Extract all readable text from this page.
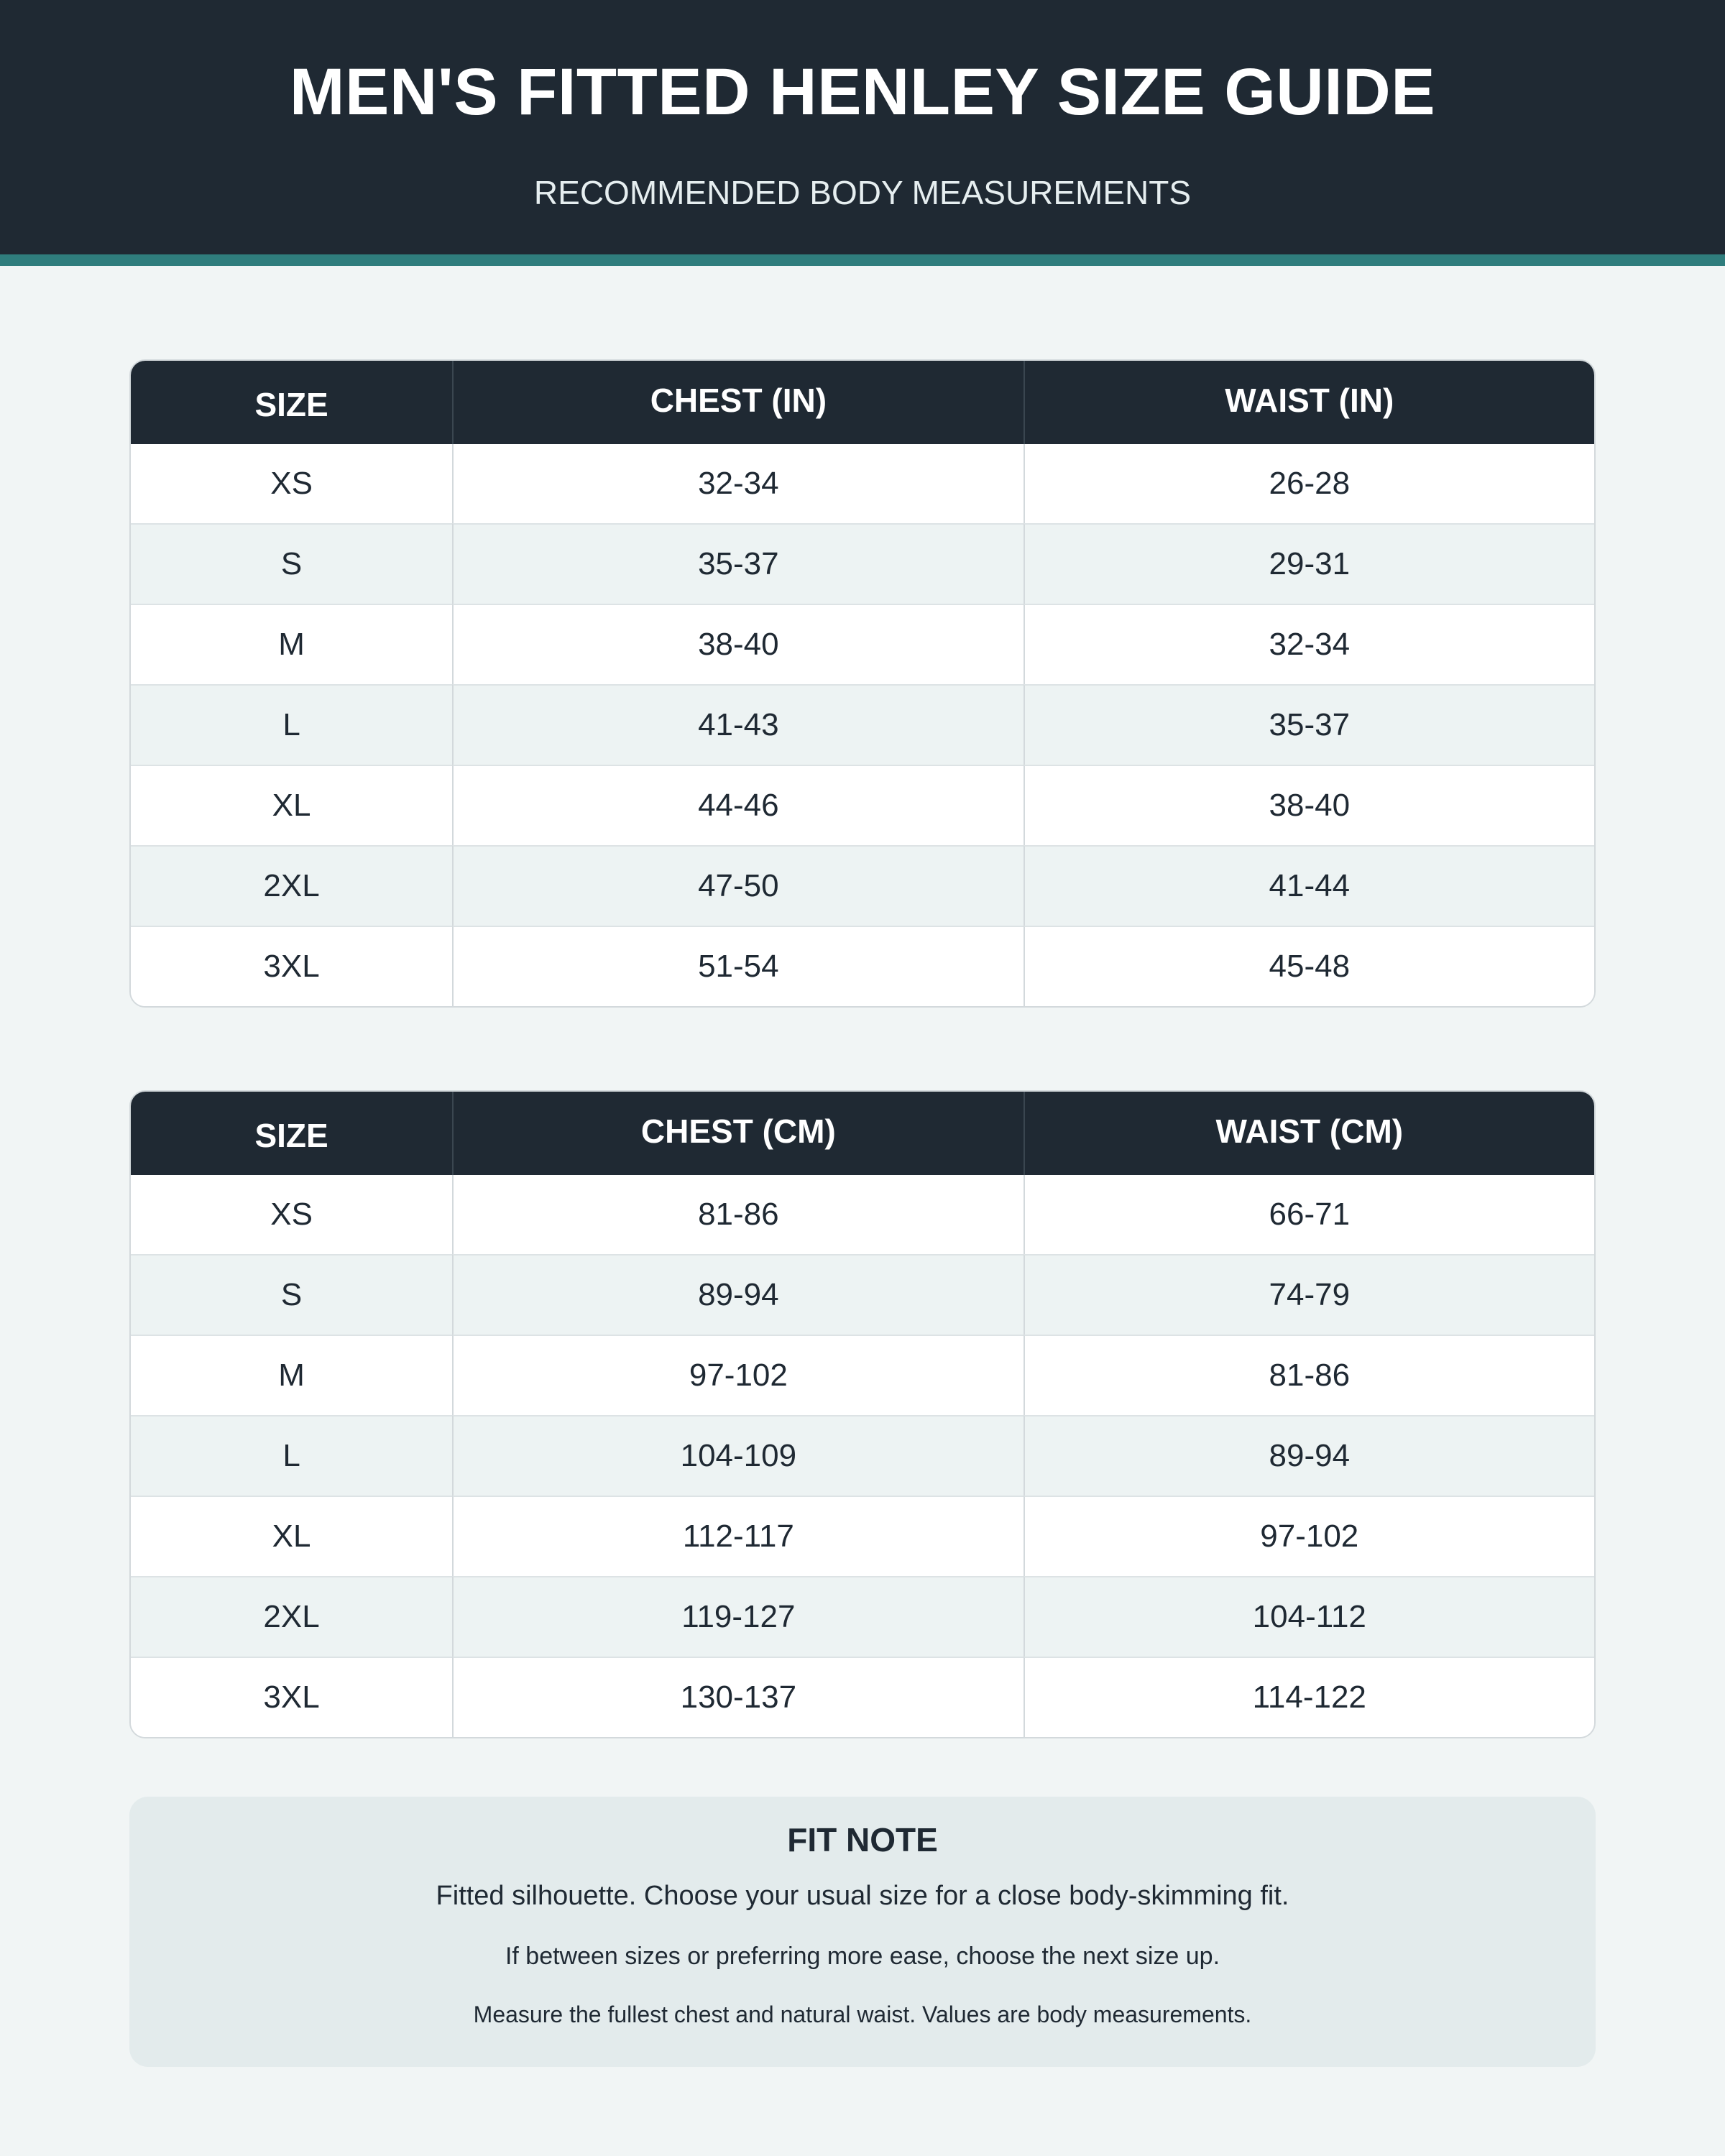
MEN'S FITTED HENLEY SIZE GUIDE
RECOMMENDED BODY MEASUREMENTS
SIZE	CHEST (IN)	WAIST (IN)
XS	32-34	26-28
S	35-37	29-31
M	38-40	32-34
L	41-43	35-37
XL	44-46	38-40
2XL	47-50	41-44
3XL	51-54	45-48
SIZE	CHEST (CM)	WAIST (CM)
XS	81-86	66-71
S	89-94	74-79
M	97-102	81-86
L	104-109	89-94
XL	112-117	97-102
2XL	119-127	104-112
3XL	130-137	114-122
FIT NOTE
Fitted silhouette. Choose your usual size for a close body-skimming fit.
If between sizes or preferring more ease, choose the next size up.
Measure the fullest chest and natural waist. Values are body measurements.
